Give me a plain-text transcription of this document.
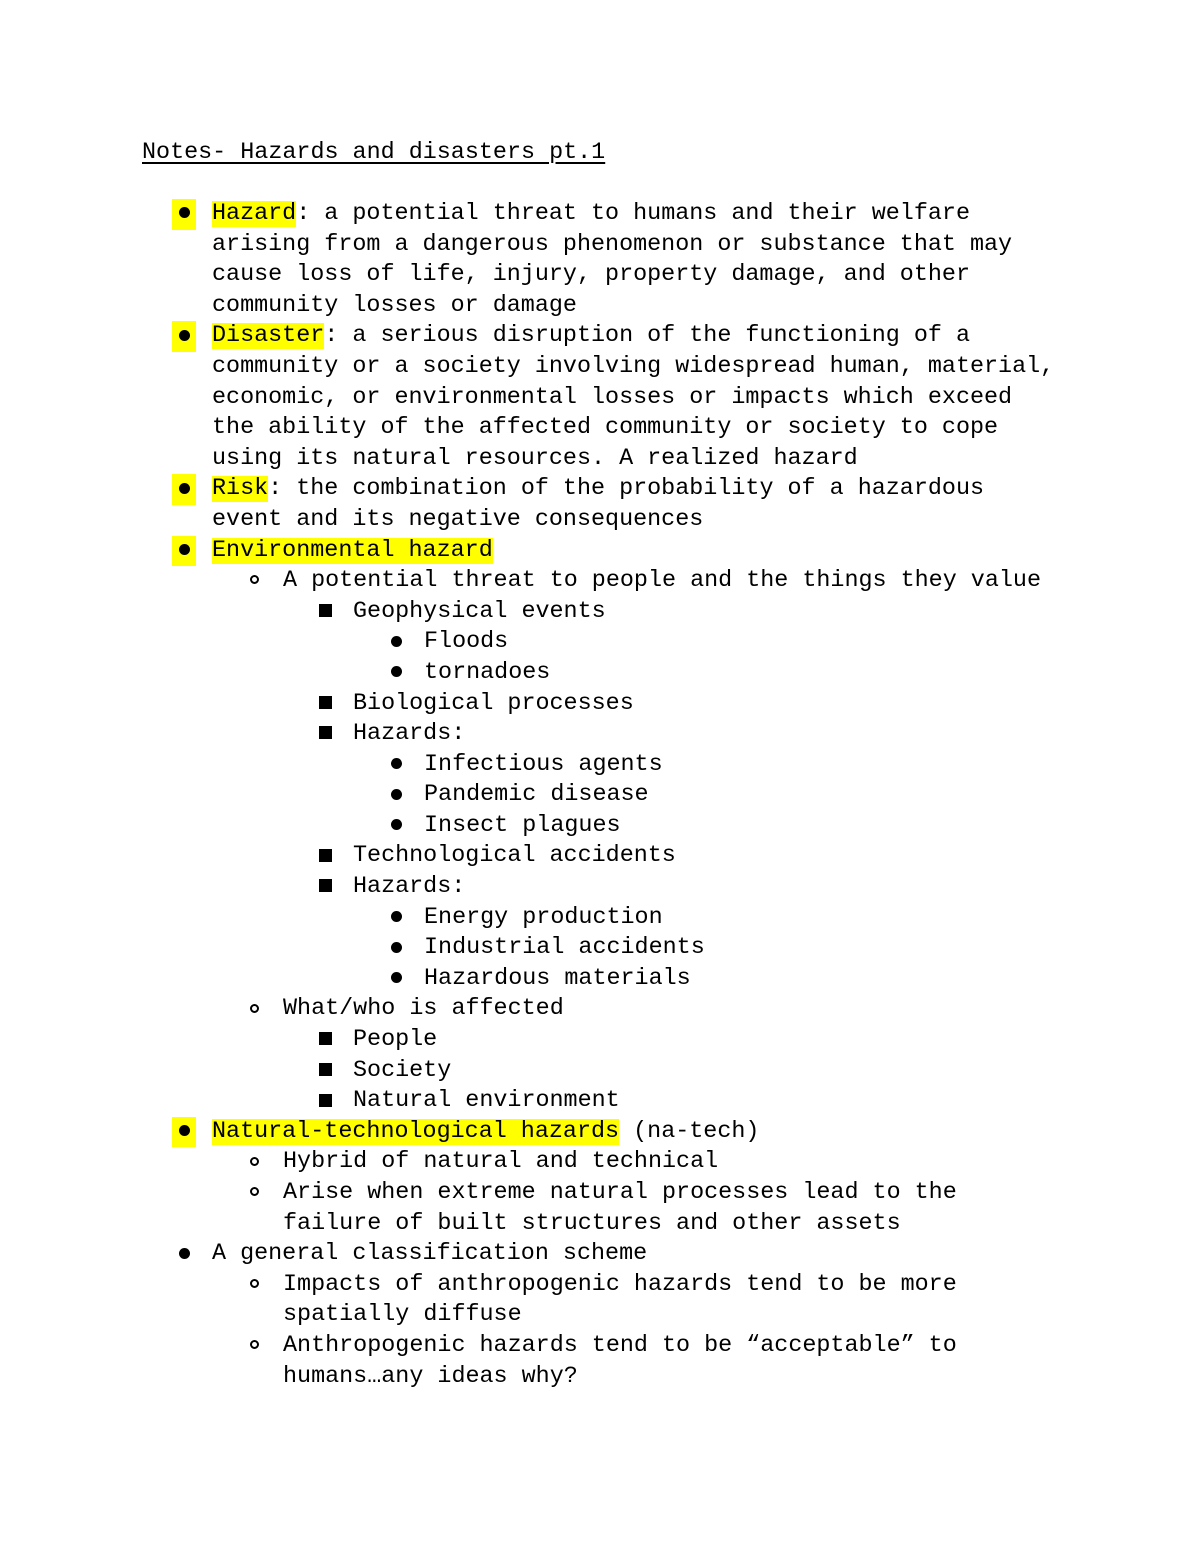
Notes- Hazards and disasters pt.1
Hazard: a potential threat to humans and their welfare
arising from a dangerous phenomenon or substance that may
cause loss of life, injury, property damage, and other
community losses or damage
Disaster: a serious disruption of the functioning of a
community or a society involving widespread human, material,
economic, or environmental losses or impacts which exceed
the ability of the affected community or society to cope
using its natural resources. A realized hazard
Risk: the combination of the probability of a hazardous
event and its negative consequences
Environmental hazard
A potential threat to people and the things they value
Geophysical events
Floods
tornadoes
Biological processes
Hazards:
Infectious agents
Pandemic disease
Insect plagues
Technological accidents
Hazards:
Energy production
Industrial accidents
Hazardous materials
What/who is affected
People
Society
Natural environment
Natural-technological hazards (na-tech)
Hybrid of natural and technical
Arise when extreme natural processes lead to the
failure of built structures and other assets
A general classification scheme
Impacts of anthropogenic hazards tend to be more
spatially diffuse
Anthropogenic hazards tend to be “acceptable” to
humans…any ideas why?
